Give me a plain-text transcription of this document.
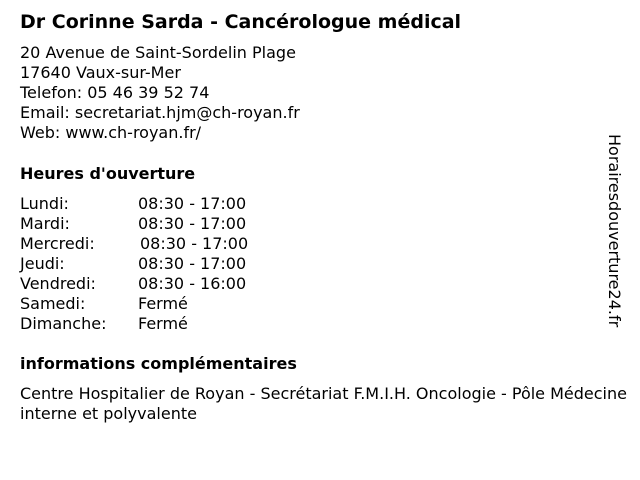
Dr Corinne Sarda - Cancérologue médical
20 Avenue de Saint-Sordelin Plage
17640 Vaux-sur-Mer
Telefon: 05 46 39 52 74
Email: secretariat.hjm@ch-royan.fr
Web: www.ch-royan.fr/
Heures d'ouverture
Lundi:	08:30 - 17:00
Mardi:	08:30 - 17:00
Mercredi:	08:30 - 17:00
Jeudi:	08:30 - 17:00
Vendredi:	08:30 - 16:00
Samedi:	Fermé
Dimanche: Fermé
informations complémentaires
Centre Hospitalier de Royan - Secrétariat F.M.I.H. Oncologie - Pôle Médecine interne et polyvalente
Horairesdouverture24.fr
